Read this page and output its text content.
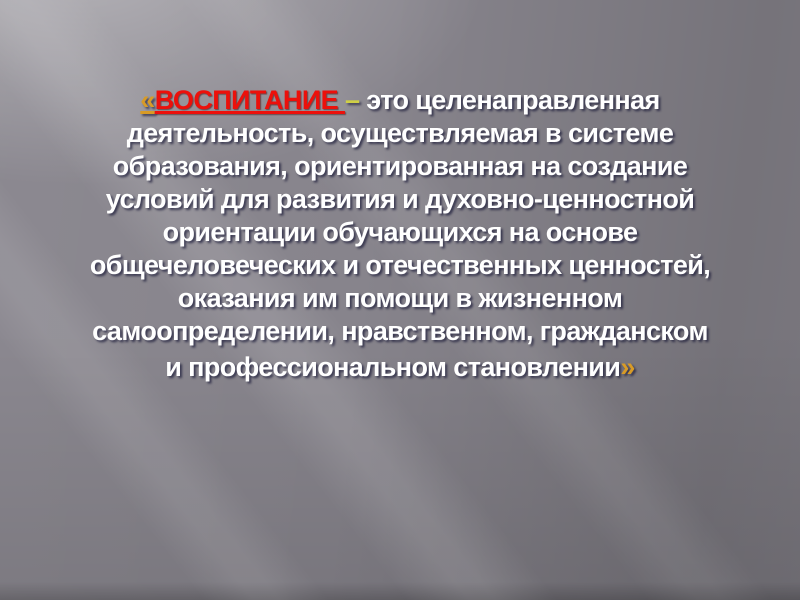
«ВОСПИТАНИЕ – это целенаправленная
деятельность, осуществляемая в системе
образования, ориентированная на создание
условий для развития и духовно-ценностной
ориентации обучающихся на основе
общечеловеческих и отечественных ценностей,
оказания им помощи в жизненном
самоопределении, нравственном, гражданском
и профессиональном становлении»
